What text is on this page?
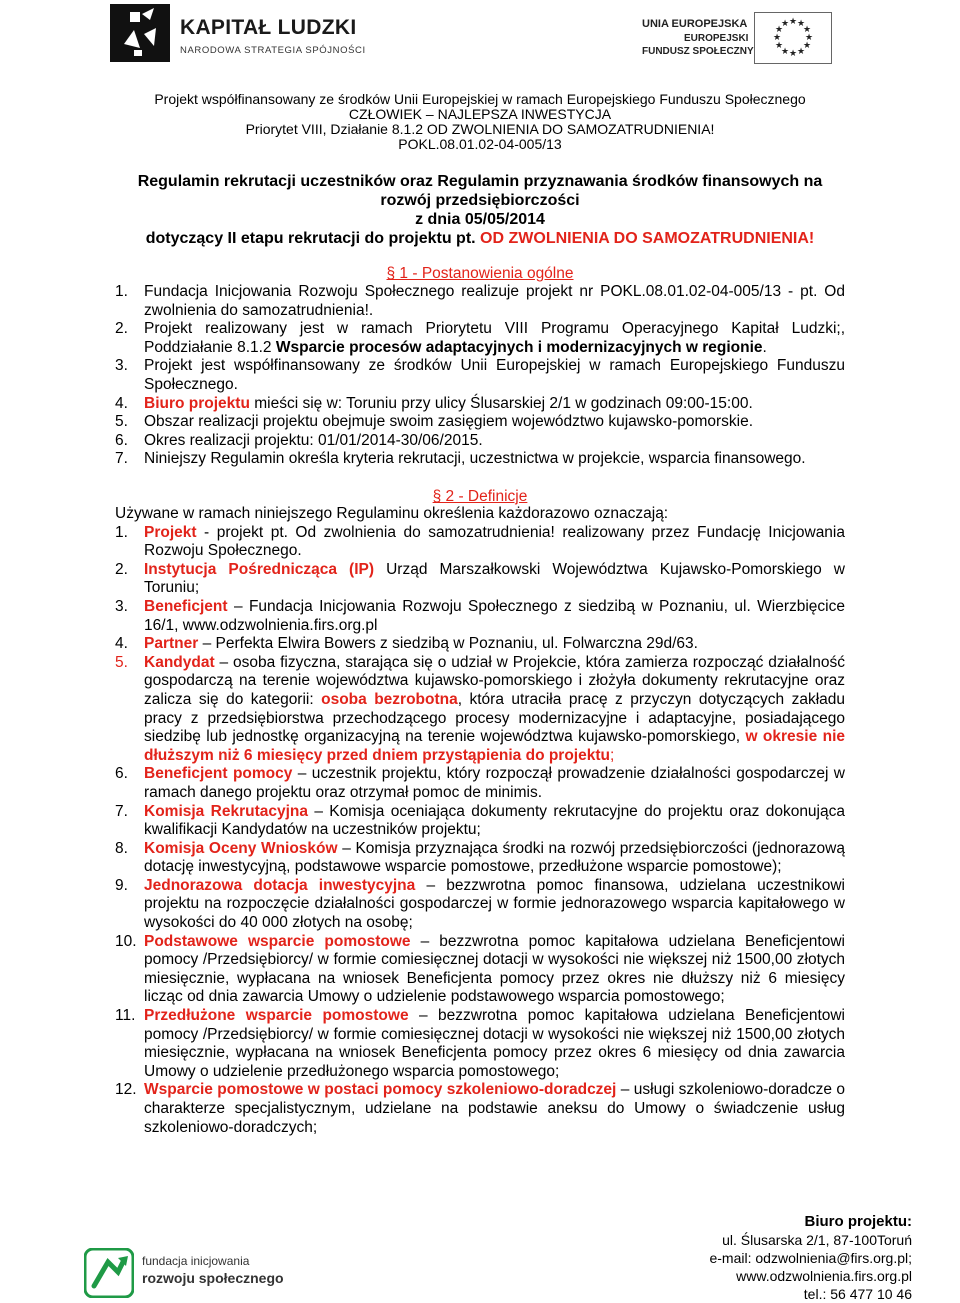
KAPITAŁ LUDZKI
NARODOWA STRATEGIA SPÓJNOŚCI
UNIA EUROPEJSKA
EUROPEJSKI
FUNDUSZ SPOŁECZNY
★ ★
★
★
★
★
★
★
★
★
★
★
Projekt współfinansowany ze środków Unii Europejskiej w ramach Europejskiego Funduszu Społecznego
CZŁOWIEK – NAJLEPSZA INWESTYCJA
Priorytet VIII, Działanie 8.1.2 OD ZWOLNIENIA DO SAMOZATRUDNIENIA!
POKL.08.01.02-04-005/13
Regulamin rekrutacji uczestników oraz Regulamin przyznawania środków finansowych na
rozwój przedsiębiorczości
z dnia 05/05/2014
dotyczący II etapu rekrutacji do projektu pt. OD ZWOLNIENIA DO SAMOZATRUDNIENIA!
§ 1 - Postanowienia ogólne
1. Fundacja Inicjowania Rozwoju Społecznego realizuje projekt nr POKL.08.01.02-04-005/13 - pt. Od zwolnienia do samozatrudnienia!.
2. Projekt realizowany jest w ramach Priorytetu VIII Programu Operacyjnego Kapitał Ludzki;, Poddziałanie 8.1.2 Wsparcie procesów adaptacyjnych i modernizacyjnych w regionie.
3. Projekt jest współfinansowany ze środków Unii Europejskiej w ramach Europejskiego Funduszu Społecznego.
4. Biuro projektu mieści się w: Toruniu przy ulicy Ślusarskiej 2/1 w godzinach 09:00-15:00.
5. Obszar realizacji projektu obejmuje swoim zasięgiem województwo kujawsko-pomorskie.
6. Okres realizacji projektu: 01/01/2014-30/06/2015.
7. Niniejszy Regulamin określa kryteria rekrutacji, uczestnictwa w projekcie, wsparcia finansowego.
§ 2 - Definicje
Używane w ramach niniejszego Regulaminu określenia każdorazowo oznaczają:
1. Projekt - projekt pt. Od zwolnienia do samozatrudnienia! realizowany przez Fundację Inicjowania Rozwoju Społecznego.
2. Instytucja Pośrednicząca (IP) Urząd Marszałkowski Województwa Kujawsko-Pomorskiego w Toruniu;
3. Beneficjent – Fundacja Inicjowania Rozwoju Społecznego z siedzibą w Poznaniu, ul. Wierzbięcice 16/1, www.odzwolnienia.firs.org.pl
4. Partner – Perfekta Elwira Bowers z siedzibą w Poznaniu, ul. Folwarczna 29d/63.
5. Kandydat – osoba fizyczna, starająca się o udział w Projekcie, która zamierza rozpocząć działalność gospodarczą na terenie województwa kujawsko-pomorskiego i złożyła dokumenty rekrutacyjne oraz zalicza się do kategorii: osoba bezrobotna, która utraciła pracę z przyczyn dotyczących zakładu pracy z przedsiębiorstwa przechodzącego procesy modernizacyjne i adaptacyjne, posiadającego siedzibę lub jednostkę organizacyjną na terenie województwa kujawsko-pomorskiego, w okresie nie dłuższym niż 6 miesięcy przed dniem przystąpienia do projektu;
6. Beneficjent pomocy – uczestnik projektu, który rozpoczął prowadzenie działalności gospodarczej w ramach danego projektu oraz otrzymał pomoc de minimis.
7. Komisja Rekrutacyjna – Komisja oceniająca dokumenty rekrutacyjne do projektu oraz dokonująca kwalifikacji Kandydatów na uczestników projektu;
8. Komisja Oceny Wniosków – Komisja przyznająca środki na rozwój przedsiębiorczości (jednorazową dotację inwestycyjną, podstawowe wsparcie pomostowe, przedłużone wsparcie pomostowe);
9. Jednorazowa dotacja inwestycyjna – bezzwrotna pomoc finansowa, udzielana uczestnikowi projektu na rozpoczęcie działalności gospodarczej w formie jednorazowego wsparcia kapitałowego w wysokości do 40 000 złotych na osobę;
10. Podstawowe wsparcie pomostowe – bezzwrotna pomoc kapitałowa udzielana Beneficjentowi pomocy /Przedsiębiorcy/ w formie comiesięcznej dotacji w wysokości nie większej niż 1500,00 złotych miesięcznie, wypłacana na wniosek Beneficjenta pomocy przez okres nie dłuższy niż 6 miesięcy licząc od dnia zawarcia Umowy o udzielenie podstawowego wsparcia pomostowego;
11. Przedłużone wsparcie pomostowe – bezzwrotna pomoc kapitałowa udzielana Beneficjentowi pomocy /Przedsiębiorcy/ w formie comiesięcznej dotacji w wysokości nie większej niż 1500,00 złotych miesięcznie, wypłacana na wniosek Beneficjenta pomocy przez okres 6 miesięcy od dnia zawarcia Umowy o udzielenie przedłużonego wsparcia pomostowego;
12. Wsparcie pomostowe w postaci pomocy szkoleniowo-doradczej – usługi szkoleniowo-doradcze o charakterze specjalistycznym, udzielane na podstawie aneksu do Umowy o świadczenie usług szkoleniowo-doradczych;
fundacja inicjowania
rozwoju społecznego
Biuro projektu:
ul. Ślusarska 2/1, 87-100Toruń
e-mail: odzwolnienia@firs.org.pl;
www.odzwolnienia.firs.org.pl
tel.: 56 477 10 46
